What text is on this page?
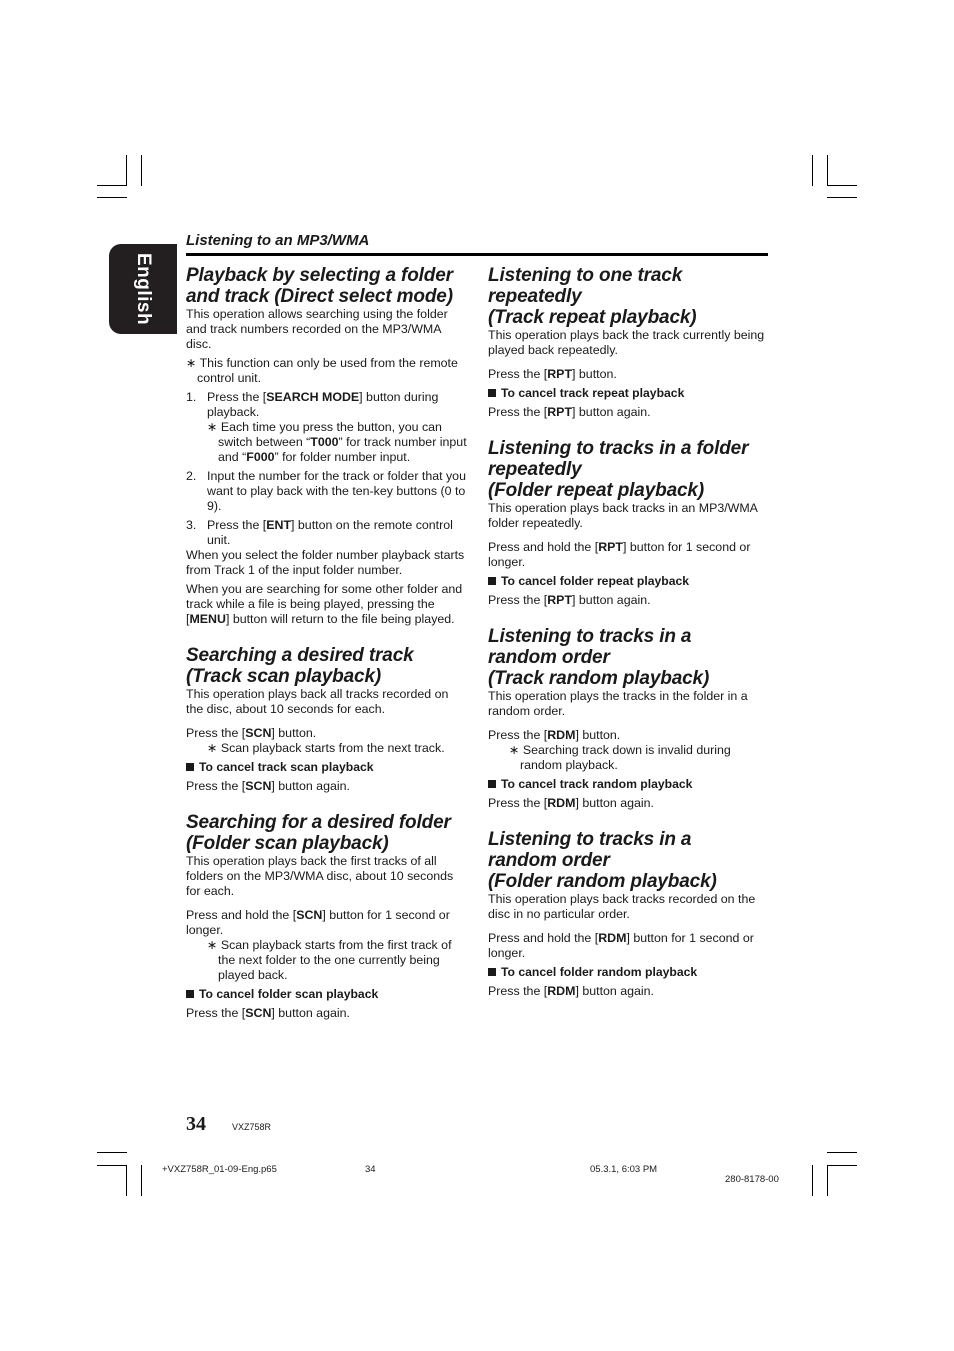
English
Listening to an MP3/WMA
Playback by selecting a folder
and track (Direct select mode)

This operation allows searching using the folder and track numbers recorded on the MP3/WMA disc.

∗ This function can only be used from the remote control unit.

1. Press the [SEARCH MODE] button during playback.

∗ Each time you press the button, you can switch between “T000” for track number input and “F000” for folder number input.

2. Input the number for the track or folder that you want to play back with the ten-key buttons (0 to 9).
3. Press the [ENT] button on the remote control unit.

When you select the folder number playback starts from Track 1 of the input folder number.

When you are searching for some other folder and track while a file is being played, pressing the [MENU] button will return to the file being played.

Searching a desired track
(Track scan playback)

This operation plays back all tracks recorded on the disc, about 10 seconds for each.

Press the [SCN] button.

∗ Scan playback starts from the next track.

To cancel track scan playback

Press the [SCN] button again.

Searching for a desired folder
(Folder scan playback)

This operation plays back the first tracks of all folders on the MP3/WMA disc, about 10 seconds for each.

Press and hold the [SCN] button for 1 second or longer.

∗ Scan playback starts from the first track of the next folder to the one currently being played back.

To cancel folder scan playback

Press the [SCN] button again.

Listening to one track
repeatedly
(Track repeat playback)

This operation plays back the track currently being played back repeatedly.

Press the [RPT] button.

To cancel track repeat playback

Press the [RPT] button again.

Listening to tracks in a folder
repeatedly
(Folder repeat playback)

This operation plays back tracks in an MP3/WMA folder repeatedly.

Press and hold the [RPT] button for 1 second or longer.

To cancel folder repeat playback

Press the [RPT] button again.

Listening to tracks in a
random order
(Track random playback)

This operation plays the tracks in the folder in a random order.

Press the [RDM] button.

∗ Searching track down is invalid during random playback.

To cancel track random playback

Press the [RDM] button again.

Listening to tracks in a
random order
(Folder random playback)

This operation plays back tracks recorded on the disc in no particular order.

Press and hold the [RDM] button for 1 second or longer.

To cancel folder random playback

Press the [RDM] button again.

34	VXZ758R
+VXZ758R_01-09-Eng.p65	34	05.3.1, 6:03 PM
280-8178-00
